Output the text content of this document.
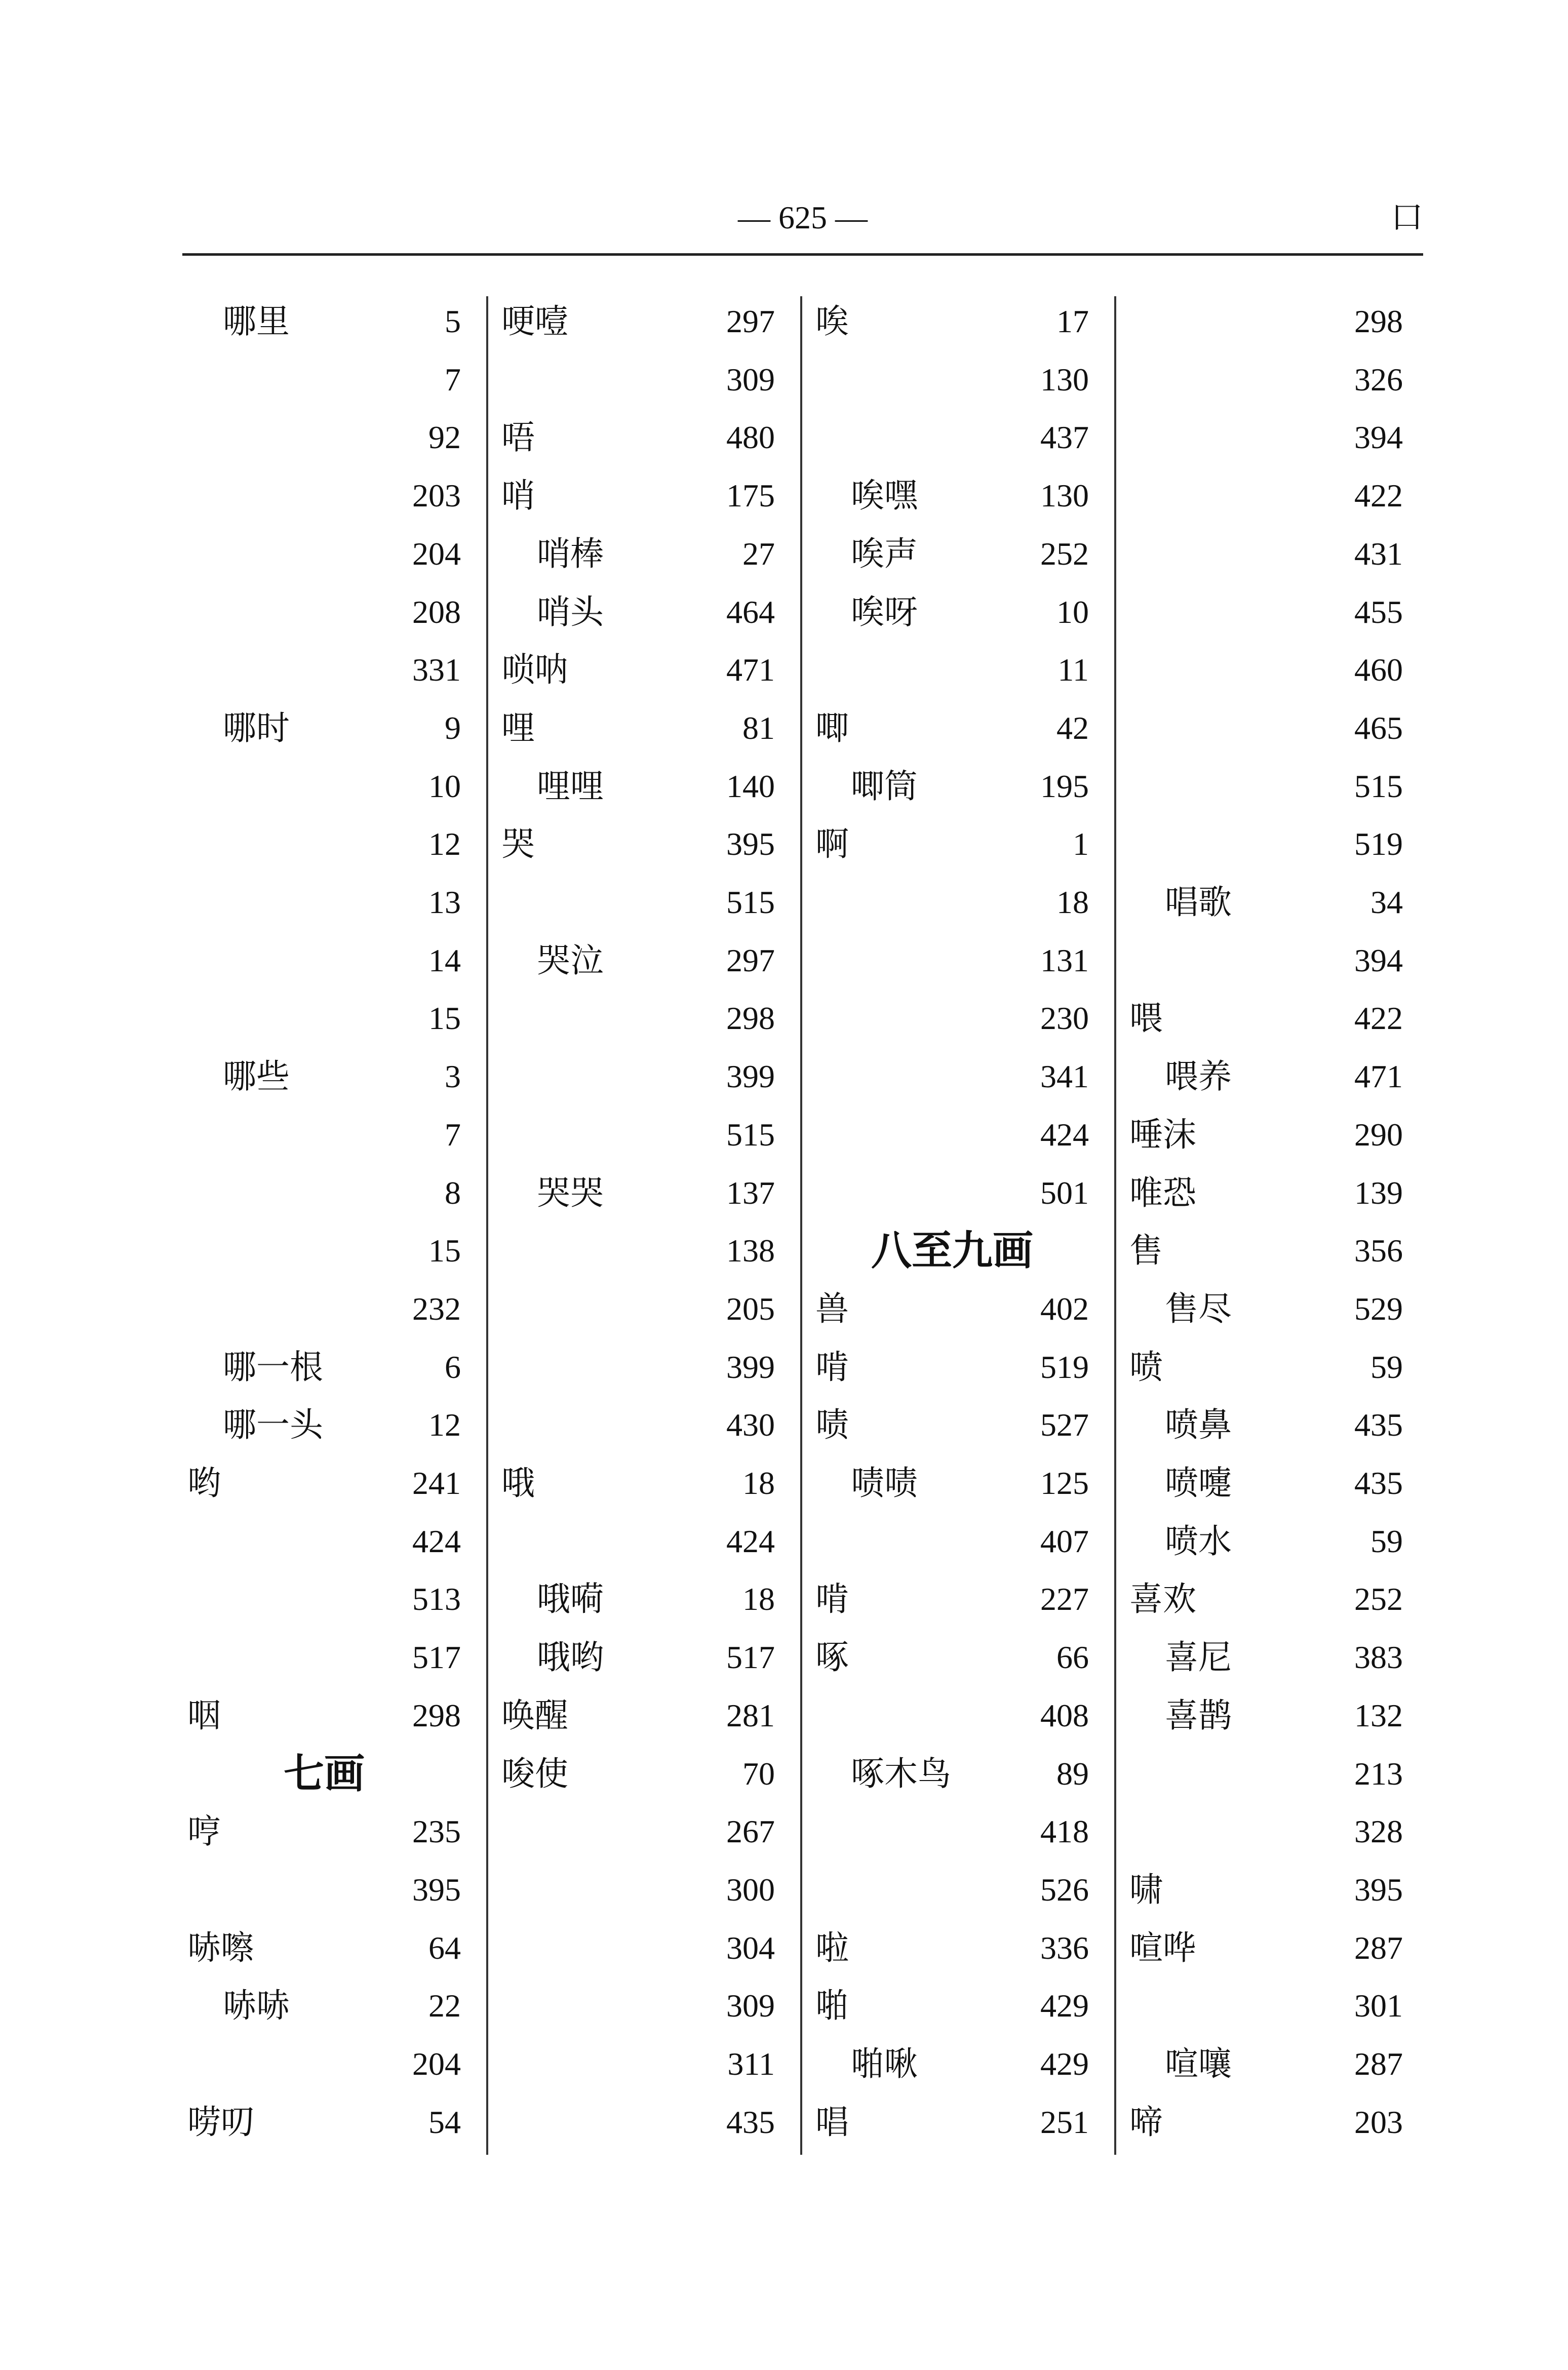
— 625 —	口
哪里	5
7
92
203
204
208
331
哪时	9
10
12
13
14
15
哪些	3
7
8
15
232
哪一根	6
哪一头	12
哟	241
424
513
517
咽	298
七画
哼	235
395
哧嚓	64
哧哧	22
204
唠叨	54
哽噎	297
309
唔	480
哨	175
哨棒	27
哨头	464
唢呐	471
哩	81
哩哩	140
哭	395
515
哭泣	297
298
399
515
哭哭	137
138
205
399
430
哦	18
424
哦嗬	18
哦哟	517
唤醒	281
唆使	70
267
300
304
309
311
435
唉	17
130
437
唉嘿	130
唉声	252
唉呀	10
11
唧	42
唧筒	195
啊	1
18
131
230
341
424
501
八至九画
兽	402
啃	519
啧	527
啧啧	125
407
啃	227
啄	66
408
啄木鸟	89
418
526
啦	336
啪	429
啪啾	429
唱	251
298
326
394
422
431
455
460
465
515
519
唱歌	34
394
喂	422
喂养	471
唾沫	290
唯恐	139
售	356
售尽	529
喷	59
喷鼻	435
喷嚏	435
喷水	59
喜欢	252
喜尼	383
喜鹊	132
213
328
啸	395
喧哗	287
301
喧嚷	287
啼	203
